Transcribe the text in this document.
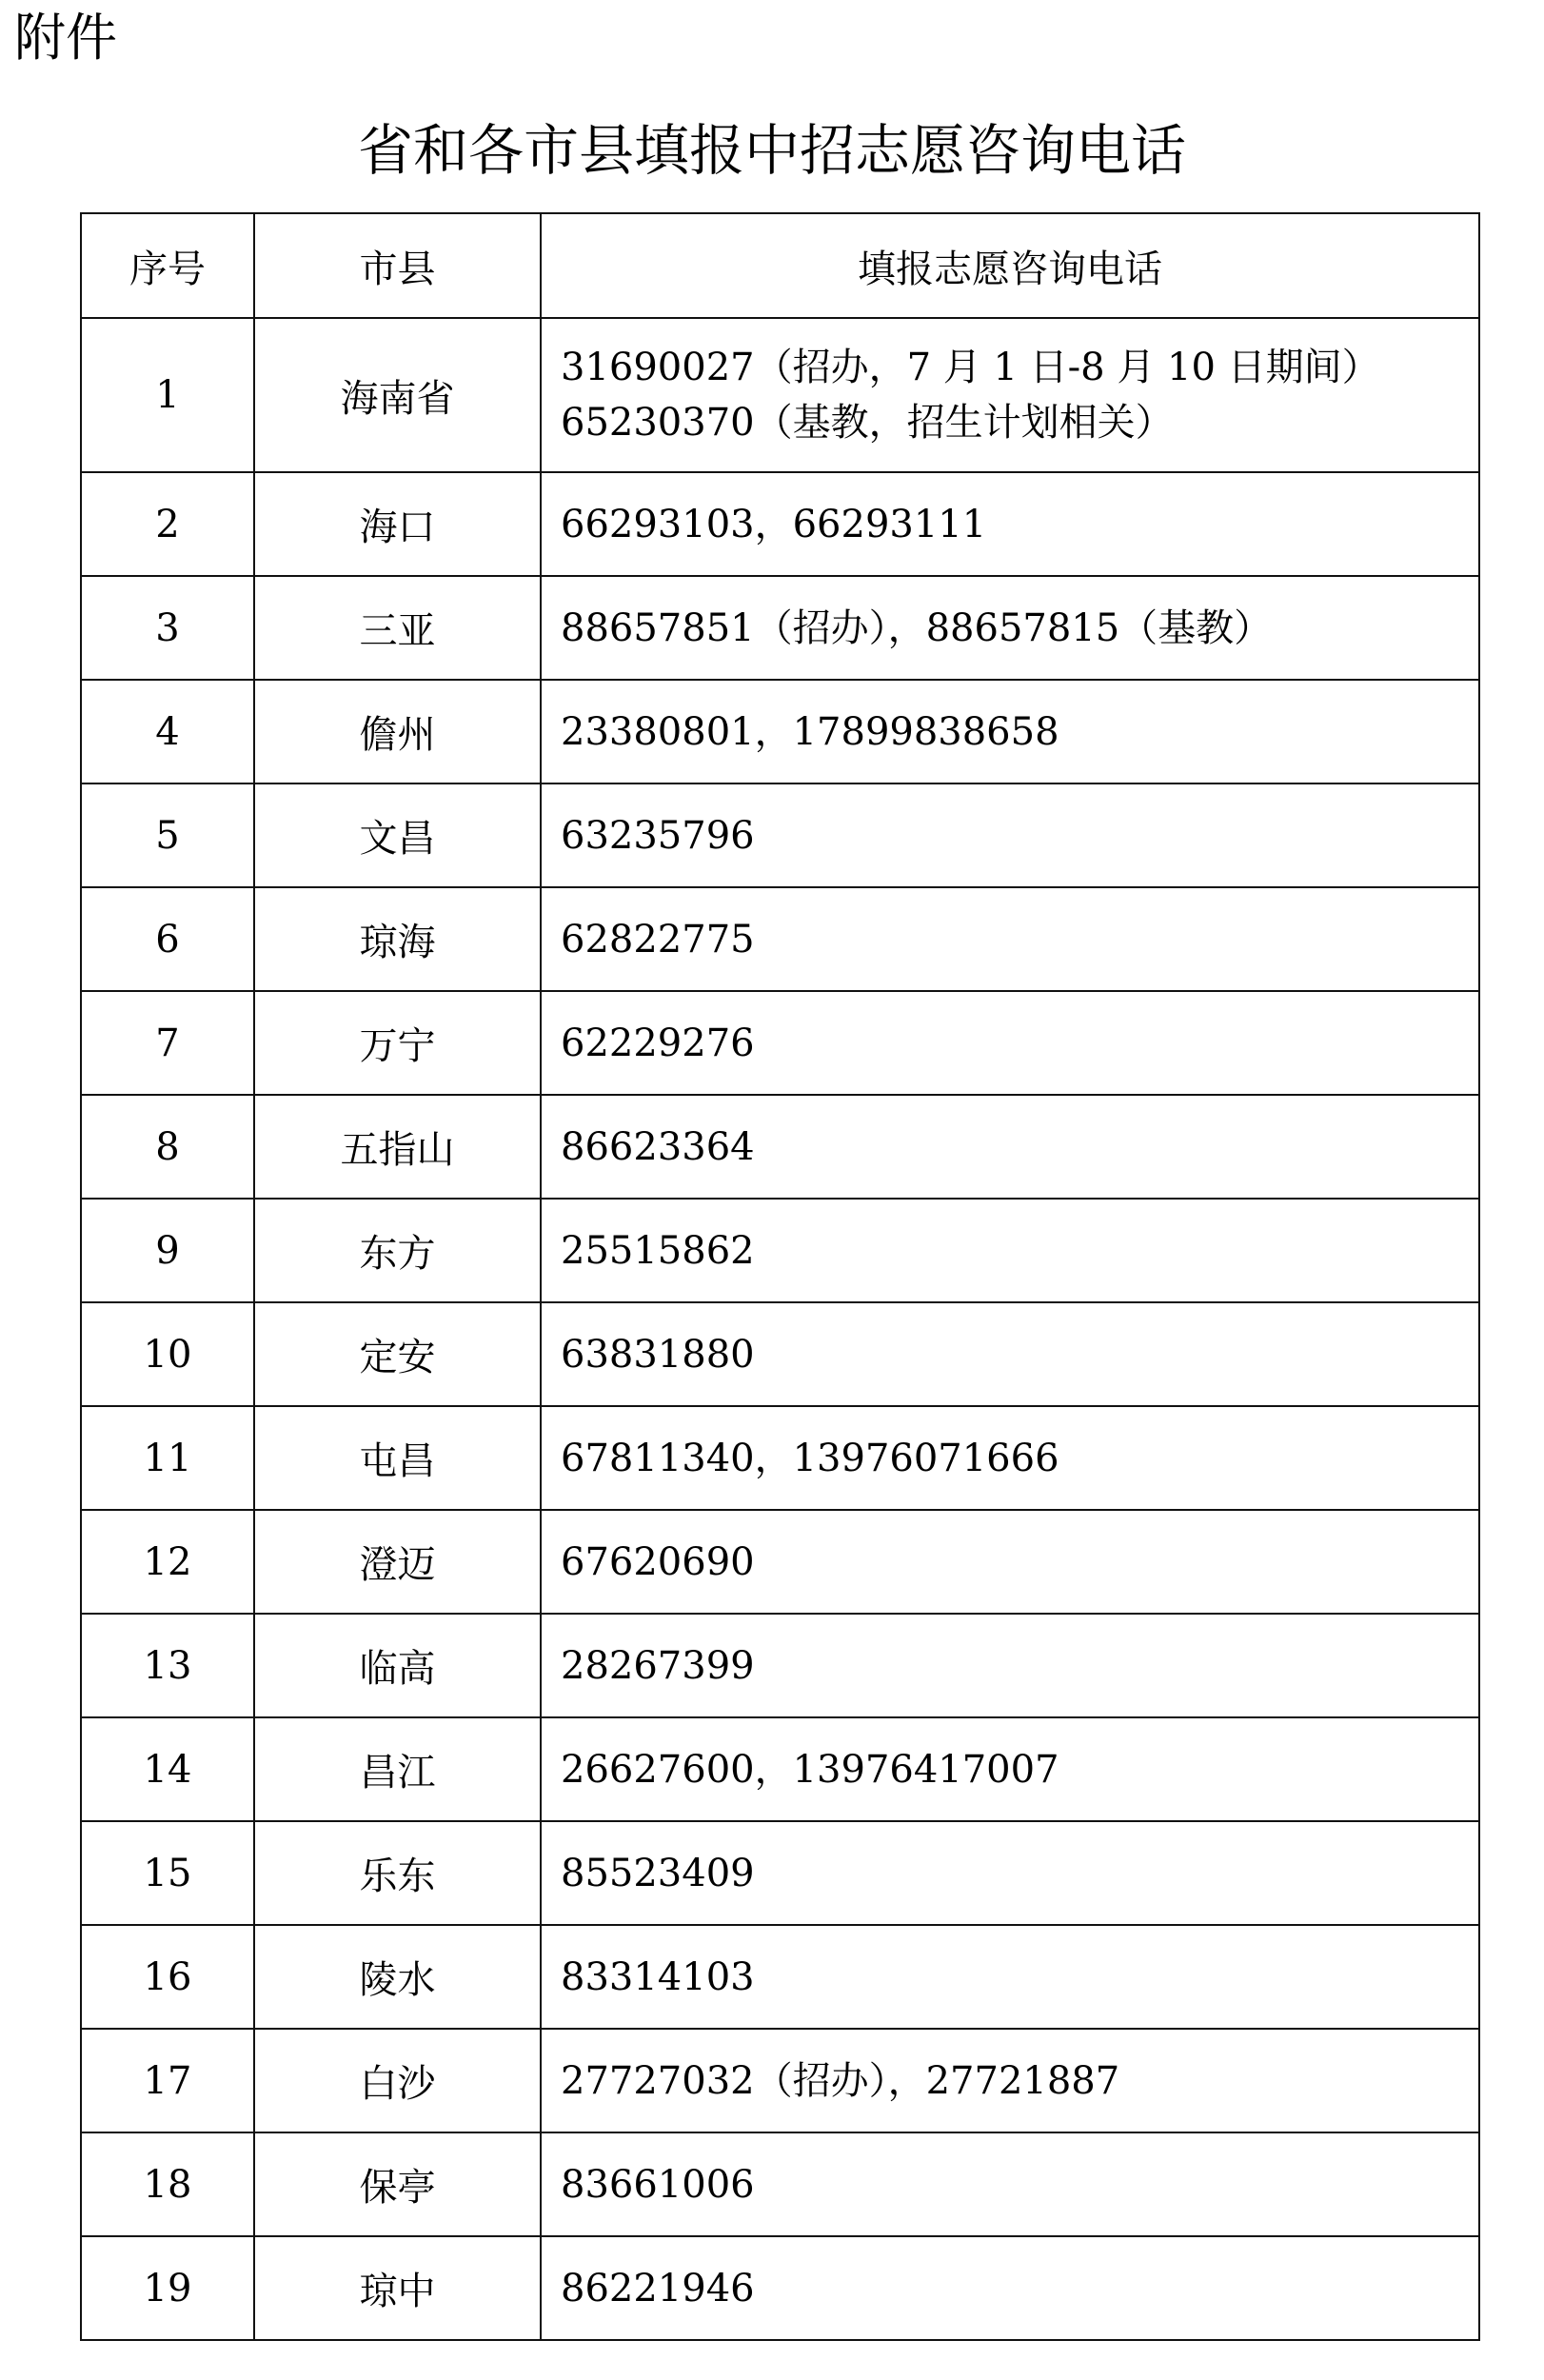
附件
省和各市县填报中招志愿咨询电话
序号	市县	填报志愿咨询电话
1	海南省	31690027（招办，7 月 1 日-8 月 10 日期间）
65230370（基教，招生计划相关）

2	海口	66293103，66293111
3	三亚	88657851（招办），88657815（基教）
4	儋州	23380801，17899838658
5	文昌	63235796
6	琼海	62822775
7	万宁	62229276
8	五指山	86623364
9	东方	25515862
10	定安	63831880
11	屯昌	67811340，13976071666
12	澄迈	67620690
13	临高	28267399
14	昌江	26627600，13976417007
15	乐东	85523409
16	陵水	83314103
17	白沙	27727032（招办），27721887
18	保亭	83661006
19	琼中	86221946
